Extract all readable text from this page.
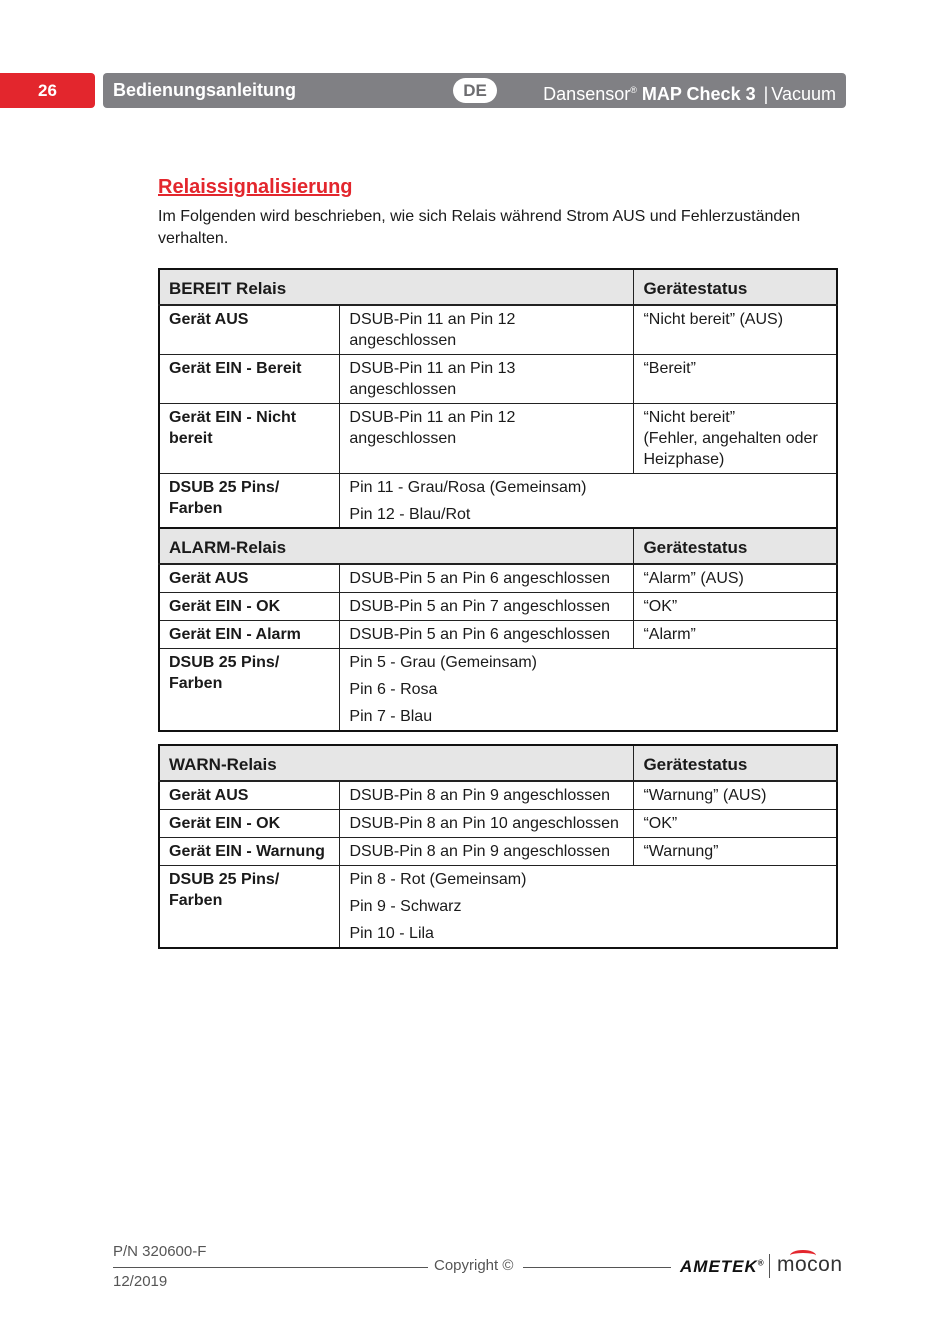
26	Bedienungsanleitung	DE	Dansensor® MAP Check 3 | Vacuum
Relaissignalisierung

Im Folgenden wird beschrieben, wie sich Relais während Strom AUS und Fehlerzuständen verhalten.

BEREIT Relais		Gerätestatus
Gerät AUS	DSUB-Pin 11 an Pin 12 angeschlossen	“Nicht bereit” (AUS)
Gerät EIN - Bereit	DSUB-Pin 11 an Pin 13 angeschlossen	“Bereit”
Gerät EIN - Nicht bereit	DSUB-Pin 11 an Pin 12 angeschlossen	“Nicht bereit”
(Fehler, angehalten oder Heizphase)

DSUB 25 Pins/ Farben	Pin 11 - Grau/Rosa (Gemeinsam)
Pin 12 - Blau/Rot	
ALARM-Relais		Gerätestatus
Gerät AUS	DSUB-Pin 5 an Pin 6 angeschlossen	“Alarm” (AUS)
Gerät EIN - OK	DSUB-Pin 5 an Pin 7 angeschlossen	“OK”
Gerät EIN - Alarm	DSUB-Pin 5 an Pin 6 angeschlossen	“Alarm”
DSUB 25 Pins/ Farben	Pin 5 - Grau (Gemeinsam)
Pin 6 - Rosa
Pin 7 - Blau	
WARN-Relais		Gerätestatus
Gerät AUS	DSUB-Pin 8 an Pin 9 angeschlossen	“Warnung” (AUS)
Gerät EIN - OK	DSUB-Pin 8 an Pin 10 angeschlossen	“OK”
Gerät EIN - Warnung	DSUB-Pin 8 an Pin 9 angeschlossen	“Warnung”
DSUB 25 Pins/ Farben	Pin 8 - Rot (Gemeinsam)
Pin 9 - Schwarz
Pin 10 - Lila	
P/N 320600-F
Copyright ©
12/2019
AMETEK® mocon
